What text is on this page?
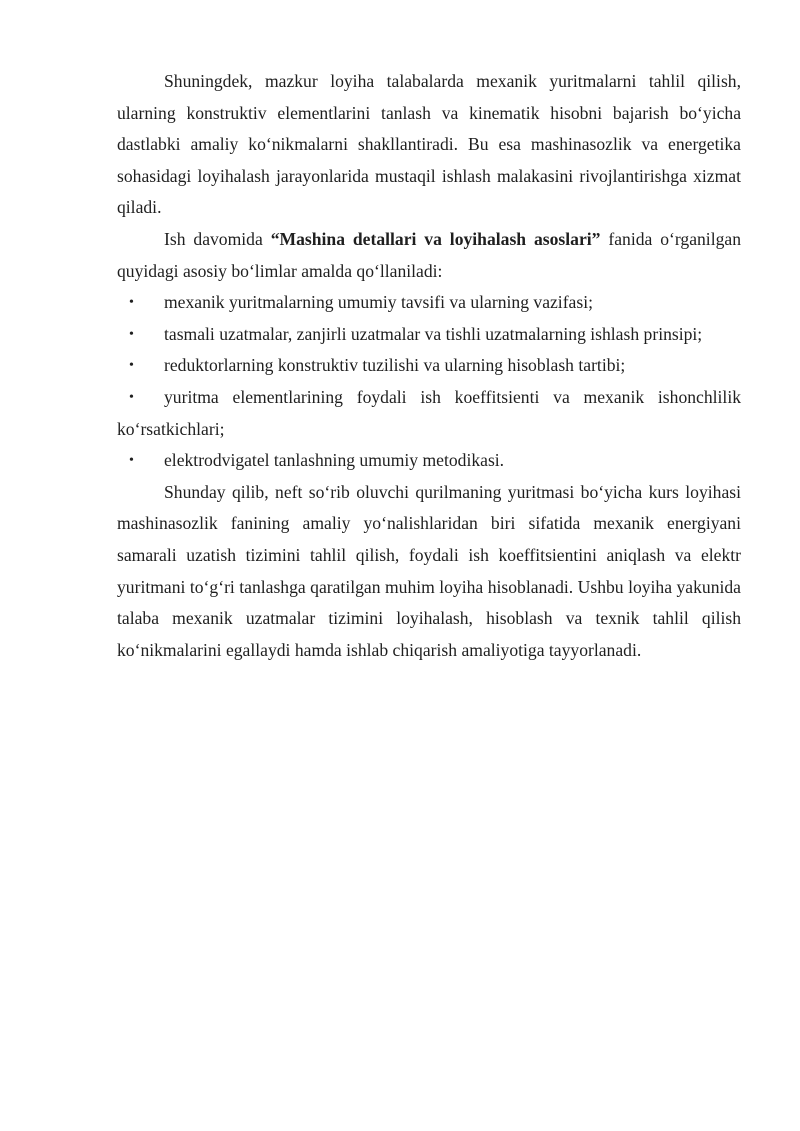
Shuningdek, mazkur loyiha talabalarda mexanik yuritmalarni tahlil qilish, ularning konstruktiv elementlarini tanlash va kinematik hisobni bajarish bo‘yicha dastlabki amaliy ko‘nikmalarni shakllantiradi. Bu esa mashinasozlik va energetika sohasidagi loyihalash jarayonlarida mustaqil ishlash malakasini rivojlantirishga xizmat qiladi.

Ish davomida “Mashina detallari va loyihalash asoslari” fanida o‘rganilgan quyidagi asosiy bo‘limlar amalda qo‘llaniladi:

• mexanik yuritmalarning umumiy tavsifi va ularning vazifasi;
• tasmali uzatmalar, zanjirli uzatmalar va tishli uzatmalarning ishlash prinsipi;
• reduktorlarning konstruktiv tuzilishi va ularning hisoblash tartibi;
• yuritma elementlarining foydali ish koeffitsienti va mexanik ishonchlilik ko‘rsatkichlari;
• elektrodvigatel tanlashning umumiy metodikasi.

Shunday qilib, neft so‘rib oluvchi qurilmaning yuritmasi bo‘yicha kurs loyihasi mashinasozlik fanining amaliy yo‘nalishlaridan biri sifatida mexanik energiyani samarali uzatish tizimini tahlil qilish, foydali ish koeffitsientini aniqlash va elektr yuritmani to‘g‘ri tanlashga qaratilgan muhim loyiha hisoblanadi. Ushbu loyiha yakunida talaba mexanik uzatmalar tizimini loyihalash, hisoblash va texnik tahlil qilish ko‘nikmalarini egallaydi hamda ishlab chiqarish amaliyotiga tayyorlanadi.
